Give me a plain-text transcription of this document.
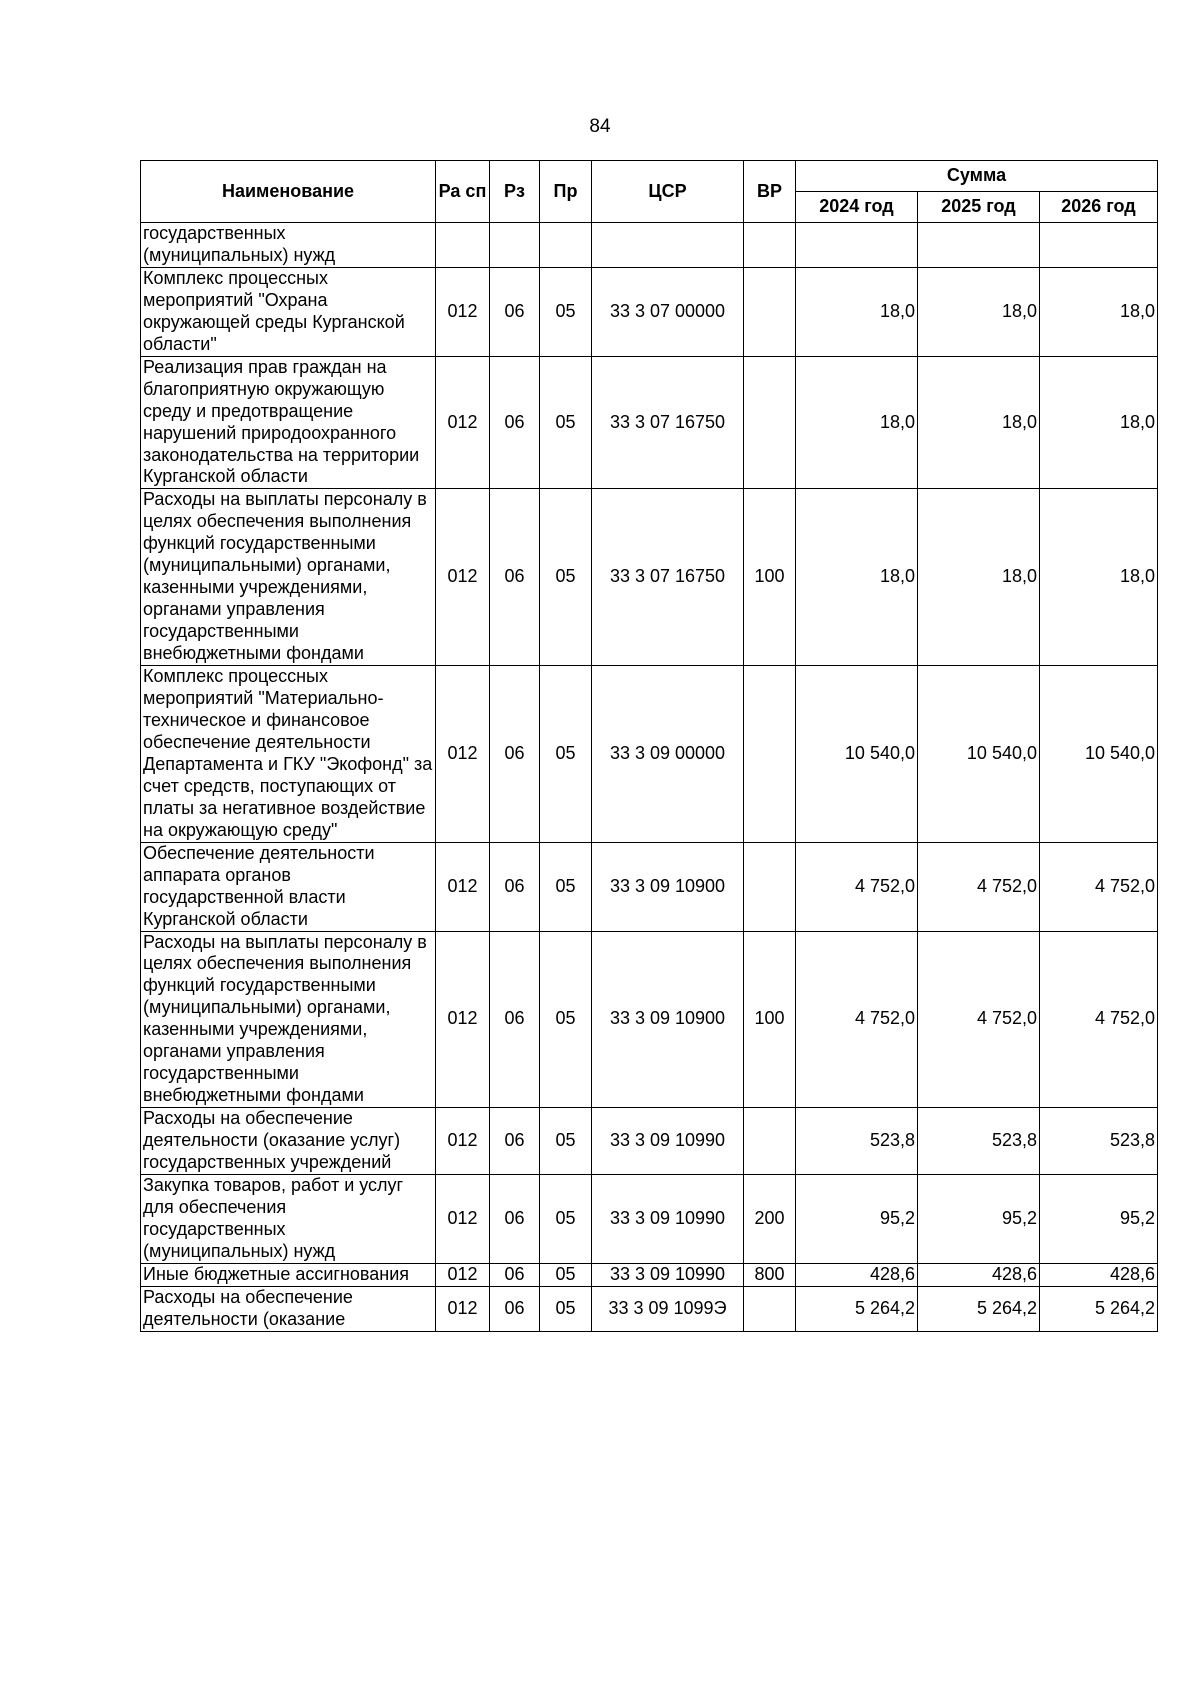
84
Наименование	Ра сп	Рз	Пр	ЦСР	ВР	Сумма		
						2024 год	2025 год	2026 год
государственных (муниципальных) нужд								
Комплекс процессных мероприятий "Охрана окружающей среды Курганской области"	012	06	05	33 3 07 00000		18,0	18,0	18,0
Реализация прав граждан на благоприятную окружающую среду и предотвращение нарушений природоохранного законодательства на территории Курганской области	012	06	05	33 3 07 16750		18,0	18,0	18,0
Расходы на выплаты персоналу в целях обеспечения выполнения функций государственными (муниципальными) органами, казенными учреждениями, органами управления государственными внебюджетными фондами	012	06	05	33 3 07 16750	100	18,0	18,0	18,0
Комплекс процессных мероприятий "Материально-техническое и финансовое обеспечение деятельности Департамента и ГКУ "Экофонд" за счет средств, поступающих от платы за негативное воздействие на окружающую среду"	012	06	05	33 3 09 00000		10 540,0	10 540,0	10 540,0
Обеспечение деятельности аппарата органов государственной власти Курганской области	012	06	05	33 3 09 10900		4 752,0	4 752,0	4 752,0
Расходы на выплаты персоналу в целях обеспечения выполнения функций государственными (муниципальными) органами, казенными учреждениями, органами управления государственными внебюджетными фондами	012	06	05	33 3 09 10900	100	4 752,0	4 752,0	4 752,0
Расходы на обеспечение деятельности (оказание услуг) государственных учреждений	012	06	05	33 3 09 10990		523,8	523,8	523,8
Закупка товаров, работ и услуг для обеспечения государственных (муниципальных) нужд	012	06	05	33 3 09 10990	200	95,2	95,2	95,2
Иные бюджетные ассигнования	012	06	05	33 3 09 10990	800	428,6	428,6	428,6
Расходы на обеспечение деятельности (оказание	012	06	05	33 3 09 1099Э		5 264,2	5 264,2	5 264,2
